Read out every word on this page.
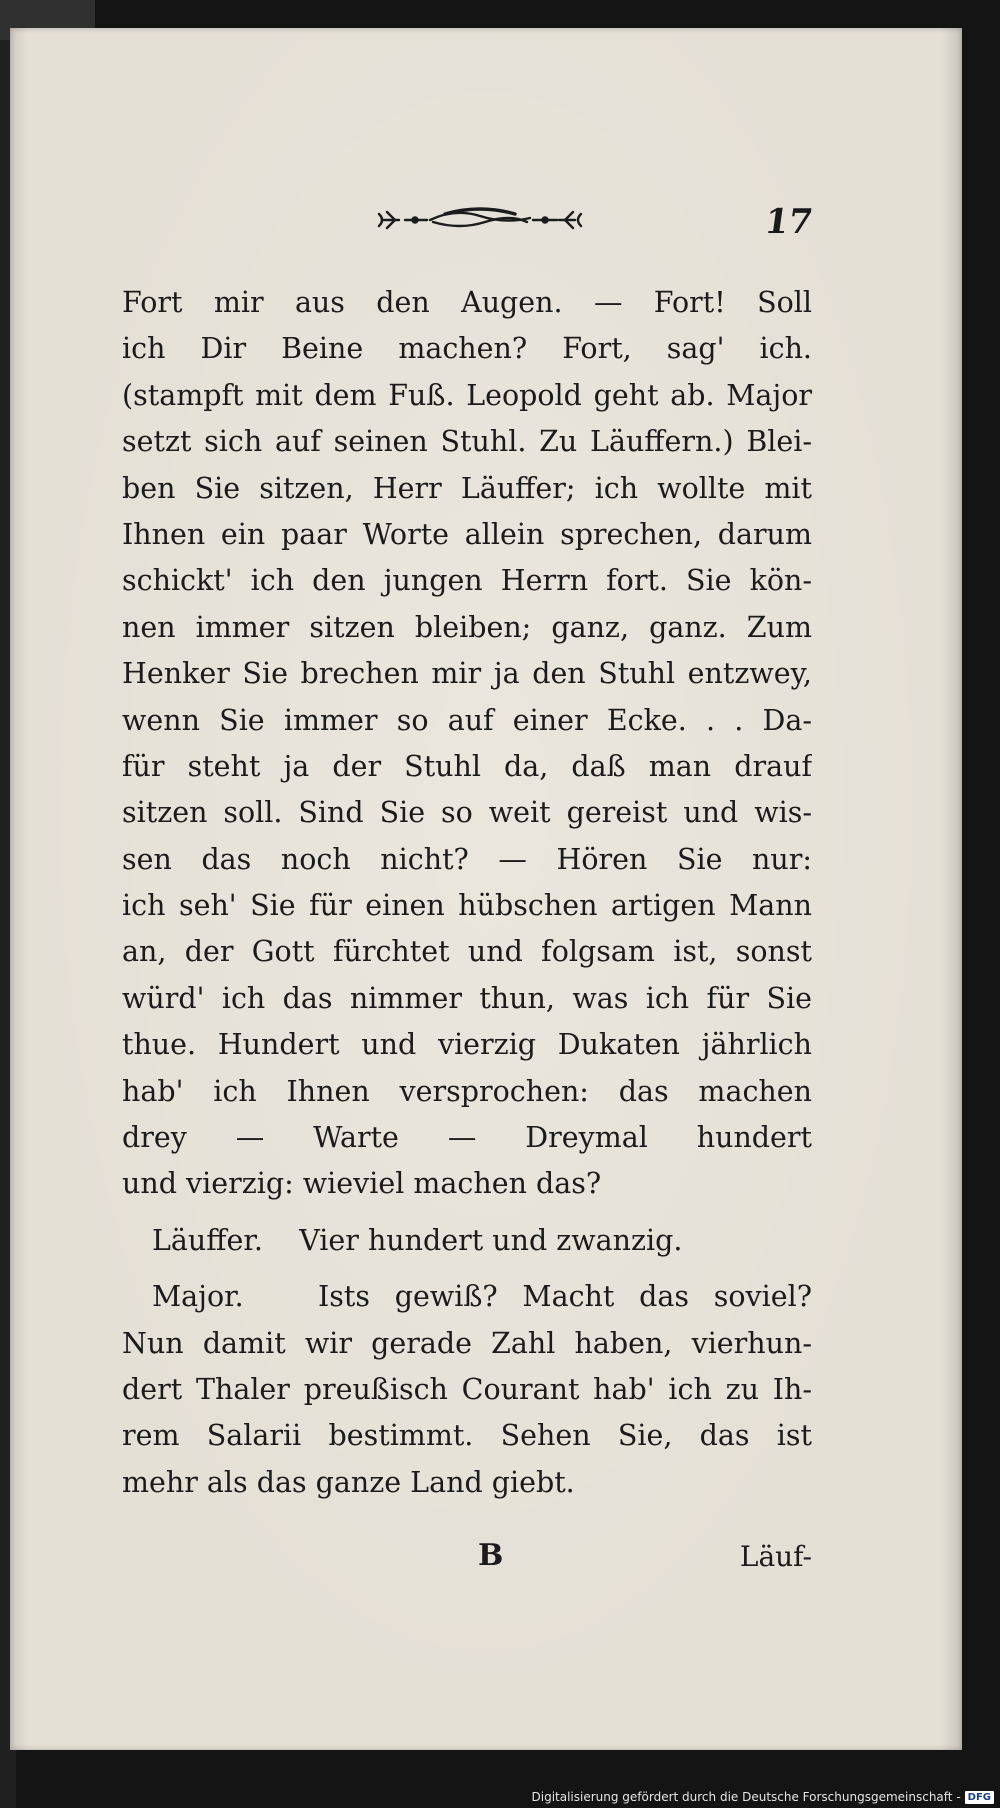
17
Fort mir aus den Augen. — Fort! Soll
ich Dir Beine machen? Fort, sag' ich.
(stampft mit dem Fuß. Leopold geht ab. Major
setzt sich auf seinen Stuhl. Zu Läuffern.) Blei-
ben Sie sitzen, Herr Läuffer; ich wollte mit
Ihnen ein paar Worte allein sprechen, darum
schickt' ich den jungen Herrn fort. Sie kön-
nen immer sitzen bleiben; ganz, ganz. Zum
Henker Sie brechen mir ja den Stuhl entzwey,
wenn Sie immer so auf einer Ecke. . . Da-
für steht ja der Stuhl da, daß man drauf
sitzen soll. Sind Sie so weit gereist und wis-
sen das noch nicht? — Hören Sie nur:
ich seh' Sie für einen hübschen artigen Mann
an, der Gott fürchtet und folgsam ist, sonst
würd' ich das nimmer thun, was ich für Sie
thue. Hundert und vierzig Dukaten jährlich
hab' ich Ihnen versprochen: das machen
drey — Warte — Dreymal hundert
und vierzig: wieviel machen das?
Läuffer. Vier hundert und zwanzig.
Major.	Ists gewiß? Macht das soviel?
Nun damit wir gerade Zahl haben, vierhun-
dert Thaler preußisch Courant hab' ich zu Ih-
rem Salarii bestimmt. Sehen Sie, das ist
mehr als das ganze Land giebt.
B	Läuf-
Digitalisierung gefördert durch die Deutsche Forschungsgemeinschaft - DFG
